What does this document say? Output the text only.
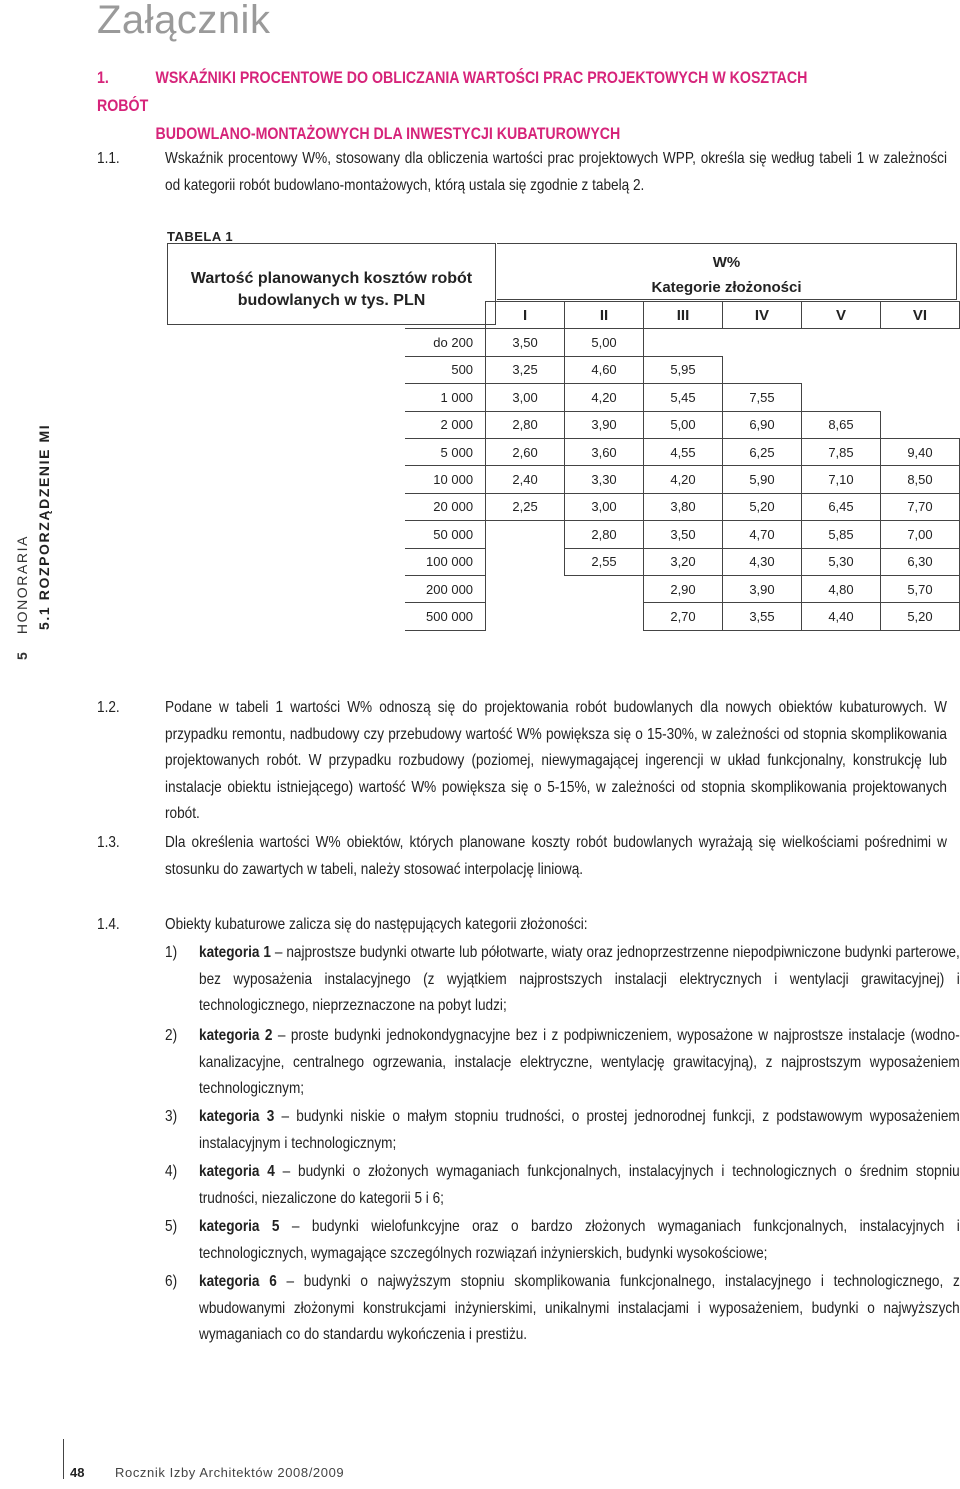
Załącznik
1.	WSKAŹNIKI PROCENTOWE DO OBLICZANIA WARTOŚCI PRAC PROJEKTOWYCH W KOSZTACH ROBÓT
BUDOWLANO-MONTAŻOWYCH DLA INWESTYCJI KUBATUROWYCH
1.1.	Wskaźnik procentowy W%, stosowany dla obliczenia wartości prac projektowych WPP, określa się według tabeli 1 w zależności od kategorii robót budowlano-montażowych, którą ustala się zgodnie z tabelą 2.
TABELA 1
Wartość planowanych kosztów robót
budowlanych w tys. PLN
W%
Kategorie złożoności
	I	II	III	IV	V	VI
do 200	3,50	5,00				
500	3,25	4,60	5,95			
1 000	3,00	4,20	5,45	7,55		
2 000	2,80	3,90	5,00	6,90	8,65	
5 000	2,60	3,60	4,55	6,25	7,85	9,40
10 000	2,40	3,30	4,20	5,90	7,10	8,50
20 000	2,25	3,00	3,80	5,20	6,45	7,70
50 000		2,80	3,50	4,70	5,85	7,00
100 000		2,55	3,20	4,30	5,30	6,30
200 000			2,90	3,90	4,80	5,70
500 000			2,70	3,55	4,40	5,20
5.1 ROZPORZĄDZENIE MI
5   HONORARIA
1.2.	Podane w tabeli 1 wartości W% odnoszą się do projektowania robót budowlanych dla nowych obiektów kubaturowych. W przypadku remontu, nadbudowy czy przebudowy wartość W% powiększa się o 15-30%, w zależności od stopnia skomplikowania projektowanych robót. W przypadku rozbudowy (poziomej, niewymagającej ingerencji w układ funkcjonalny, konstrukcję lub instalacje obiektu istniejącego) wartość W% powiększa się o 5-15%, w zależności od stopnia skomplikowania projektowanych robót.
1.3.	Dla określenia wartości W% obiektów, których planowane koszty robót budowlanych wyrażają się wielkościami pośrednimi w stosunku do zawartych w tabeli, należy stosować interpolację liniową.
1.4.	Obiekty kubaturowe zalicza się do następujących kategorii złożoności:
1) kategoria 1 – najprostsze budynki otwarte lub półotwarte, wiaty oraz jednoprzestrzenne niepodpiwniczone budynki parterowe, bez wyposażenia instalacyjnego (z wyjątkiem najprostszych instalacji elektrycznych i wentylacji grawitacyjnej) i technologicznego, nieprzeznaczone na pobyt ludzi;
2) kategoria 2 – proste budynki jednokondygnacyjne bez i z podpiwniczeniem, wyposażone w najprostsze instalacje (wodno-kanalizacyjne, centralnego ogrzewania, instalacje elektryczne, wentylację grawitacyjną), z najprostszym wyposażeniem technologicznym;
3) kategoria 3 – budynki niskie o małym stopniu trudności, o prostej jednorodnej funkcji, z podstawowym wyposażeniem instalacyjnym i technologicznym;
4) kategoria 4 – budynki o złożonych wymaganiach funkcjonalnych, instalacyjnych i technologicznych o średnim stopniu trudności, niezaliczone do kategorii 5 i 6;
5) kategoria 5 – budynki wielofunkcyjne oraz o bardzo złożonych wymaganiach funkcjonalnych, instalacyjnych i technologicznych, wymagające szczególnych rozwiązań inżynierskich, budynki wysokościowe;
6) kategoria 6 – budynki o najwyższym stopniu skomplikowania funkcjonalnego, instalacyjnego i technologicznego, z wbudowanymi złożonymi konstrukcjami inżynierskimi, unikalnymi instalacjami i wyposażeniem, budynki o najwyższych wymaganiach co do standardu wykończenia i prestiżu.
48 Rocznik Izby Architektów 2008/2009
